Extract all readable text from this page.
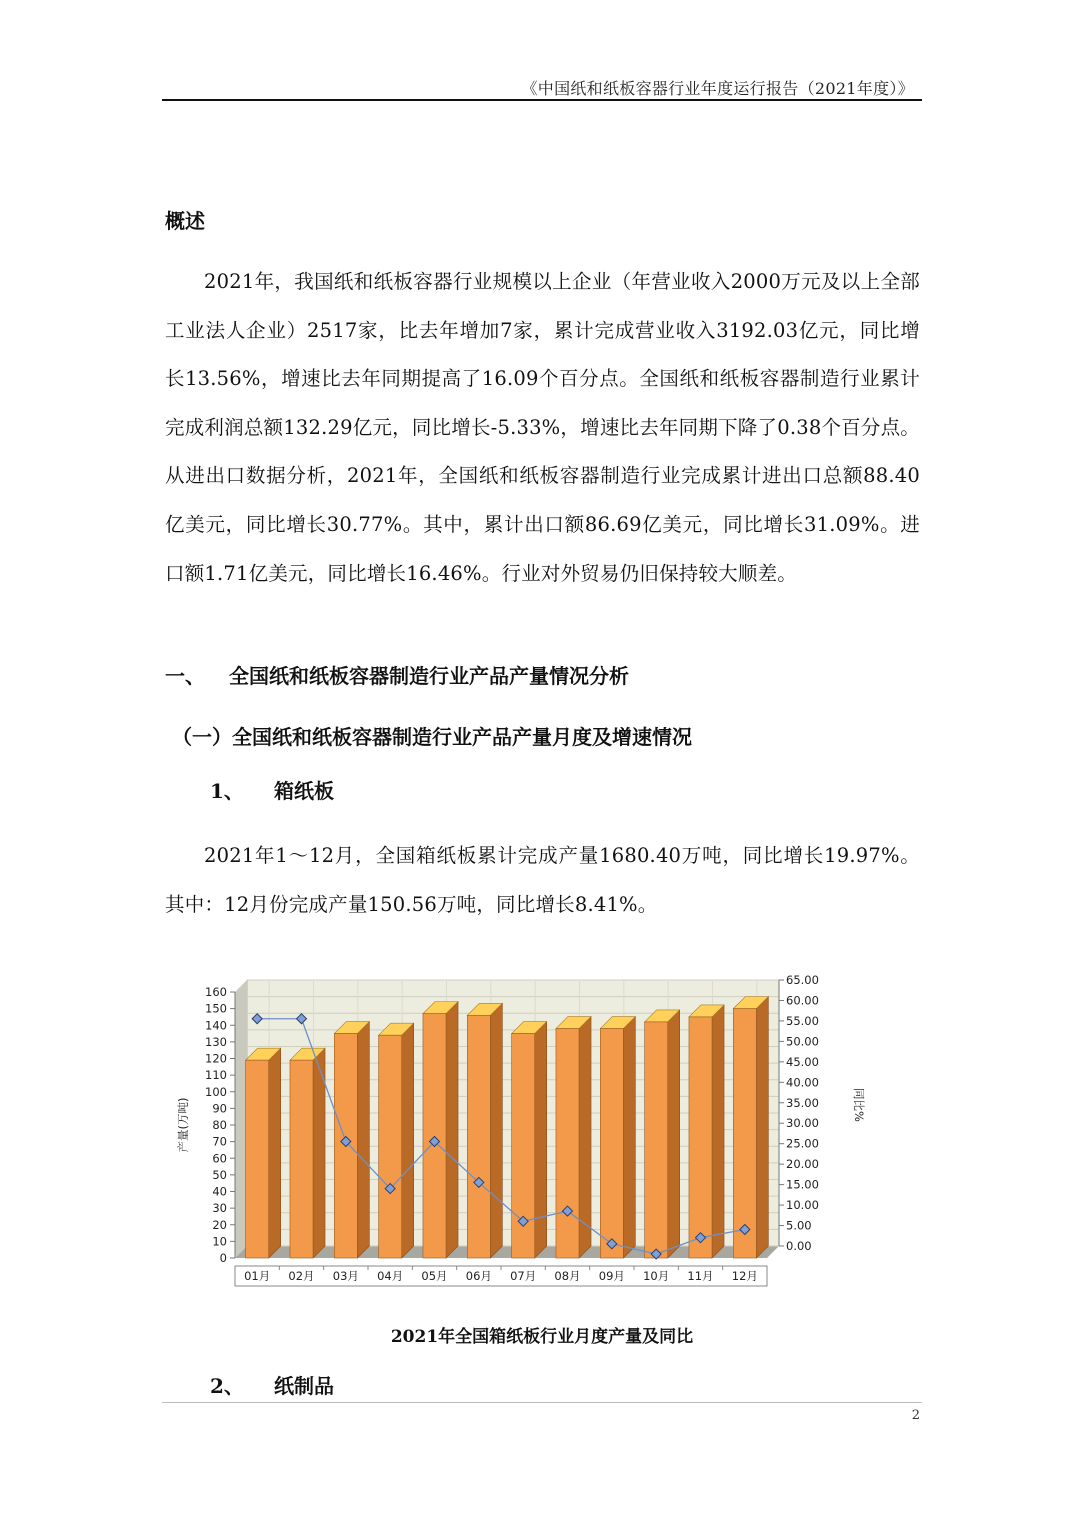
《中国纸和纸板容器行业年度运行报告（2021年度）》
概述
2021年，我国纸和纸板容器行业规模以上企业（年营业收入2000万元及以上全部工业法人企业）2517家，比去年增加7家，累计完成营业收入3192.03亿元，同比增长13.56%，增速比去年同期提高了16.09个百分点。全国纸和纸板容器制造行业累计完成利润总额132.29亿元，同比增长-5.33%，增速比去年同期下降了0.38个百分点。从进出口数据分析，2021年，全国纸和纸板容器制造行业完成累计进出口总额88.40亿美元，同比增长30.77%。其中，累计出口额86.69亿美元，同比增长31.09%。进口额1.71亿美元，同比增长16.46%。行业对外贸易仍旧保持较大顺差。
一、 全国纸和纸板容器制造行业产品产量情况分析
（一）全国纸和纸板容器制造行业产品产量月度及增速情况
1、 箱纸板
2021年1～12月，全国箱纸板累计完成产量1680.40万吨，同比增长19.97%。其中：12月份完成产量150.56万吨，同比增长8.41%。
0
10
20
30
40
50
60
70
80
90
100
110
120
130
140
150
160
0.00
5.00
10.00
15.00
20.00
25.00
30.00
35.00
40.00
45.00
50.00
55.00
60.00
65.00
产量(万吨)	同比%
01月 02月 03月 04月 05月 06月 07月 08月 09月 10月 11月 12月
2021年全国箱纸板行业月度产量及同比
2、 纸制品
2
